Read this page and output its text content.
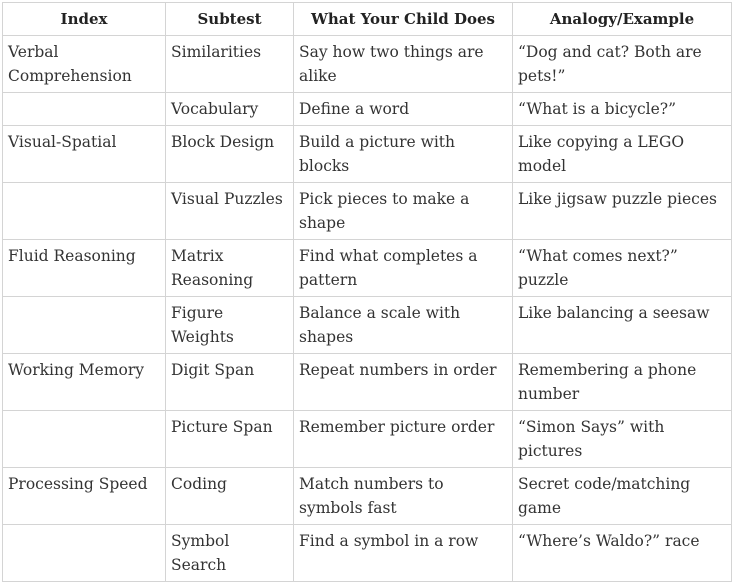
Index	Subtest	What Your Child Does	Analogy/Example
Verbal Comprehension	Similarities	Say how two things are alike	“Dog and cat? Both are pets!”
	Vocabulary	Define a word	“What is a bicycle?”
Visual-Spatial	Block Design	Build a picture with blocks	Like copying a LEGO model
	Visual Puzzles	Pick pieces to make a shape	Like jigsaw puzzle pieces
Fluid Reasoning	Matrix Reasoning	Find what completes a pattern	“What comes next?” puzzle
	Figure Weights	Balance a scale with shapes	Like balancing a seesaw
Working Memory	Digit Span	Repeat numbers in order	Remembering a phone number
	Picture Span	Remember picture order	“Simon Says” with pictures
Processing Speed	Coding	Match numbers to symbols fast	Secret code/matching game
	Symbol Search	Find a symbol in a row	“Where’s Waldo?” race
